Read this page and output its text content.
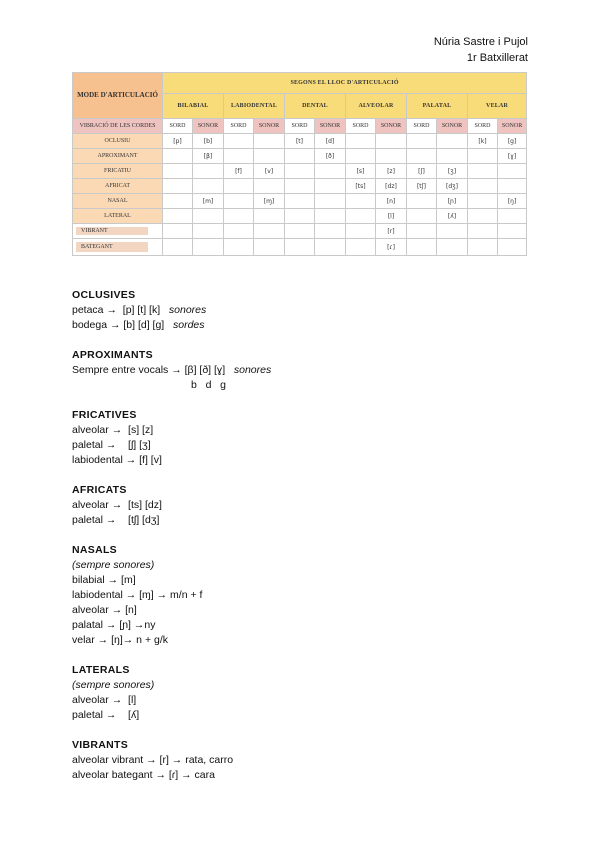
Núria Sastre i Pujol
1r Batxillerat
MODE D'ARTICULACIÓ	SEGONS EL LLOC D'ARTICULACIÓ											
	BILABIAL		LABIODENTAL		DENTAL		ALVEOLAR		PALATAL		VELAR	
VIBRACIÓ DE LES CORDES	SORD	SONOR	SORD	SONOR	SORD	SONOR	SORD	SONOR	SORD	SONOR	SORD	SONOR
OCLUSIU	[p]	[b]			[t]	[d]					[k]	[g]
APROXIMANT		[β]				[ð]						[ɣ]
FRICATIU			[f]	[v]			[s]	[z]	[ʃ]	[ʒ]		
AFRICAT							[ts]	[dz]	[tʃ]	[dʒ]		
NASAL		[m]		[ɱ]				[n]		[ɲ]		[ŋ]
LATERAL								[l]		[ʎ]		

VIBRANT								[r]				

BATEGANT								[ɾ]				
OCLUSIVES
petaca →  [p] [t] [k] sonores
bodega → [b] [d] [g] sordes
APROXIMANTS
Sempre entre vocals → [β] [ð] [ɣ] sonores
b   d   g
FRICATIVES
alveolar →  [s] [z]
paletal →    [ʃ] [ʒ]
labiodental → [f] [v]
AFRICATS
alveolar →  [ts] [dz]
paletal →    [tʃ] [dʒ]
NASALS
(sempre sonores)
bilabial → [m]
labiodental → [ɱ] → m/n + f
alveolar → [n]
palatal → [ɲ] →ny
velar → [ŋ]→ n + g/k
LATERALS
(sempre sonores)
alveolar →  [l]
paletal →    [ʎ]
VIBRANTS
alveolar vibrant → [r] → rata, carro
alveolar bategant → [ɾ] → cara
